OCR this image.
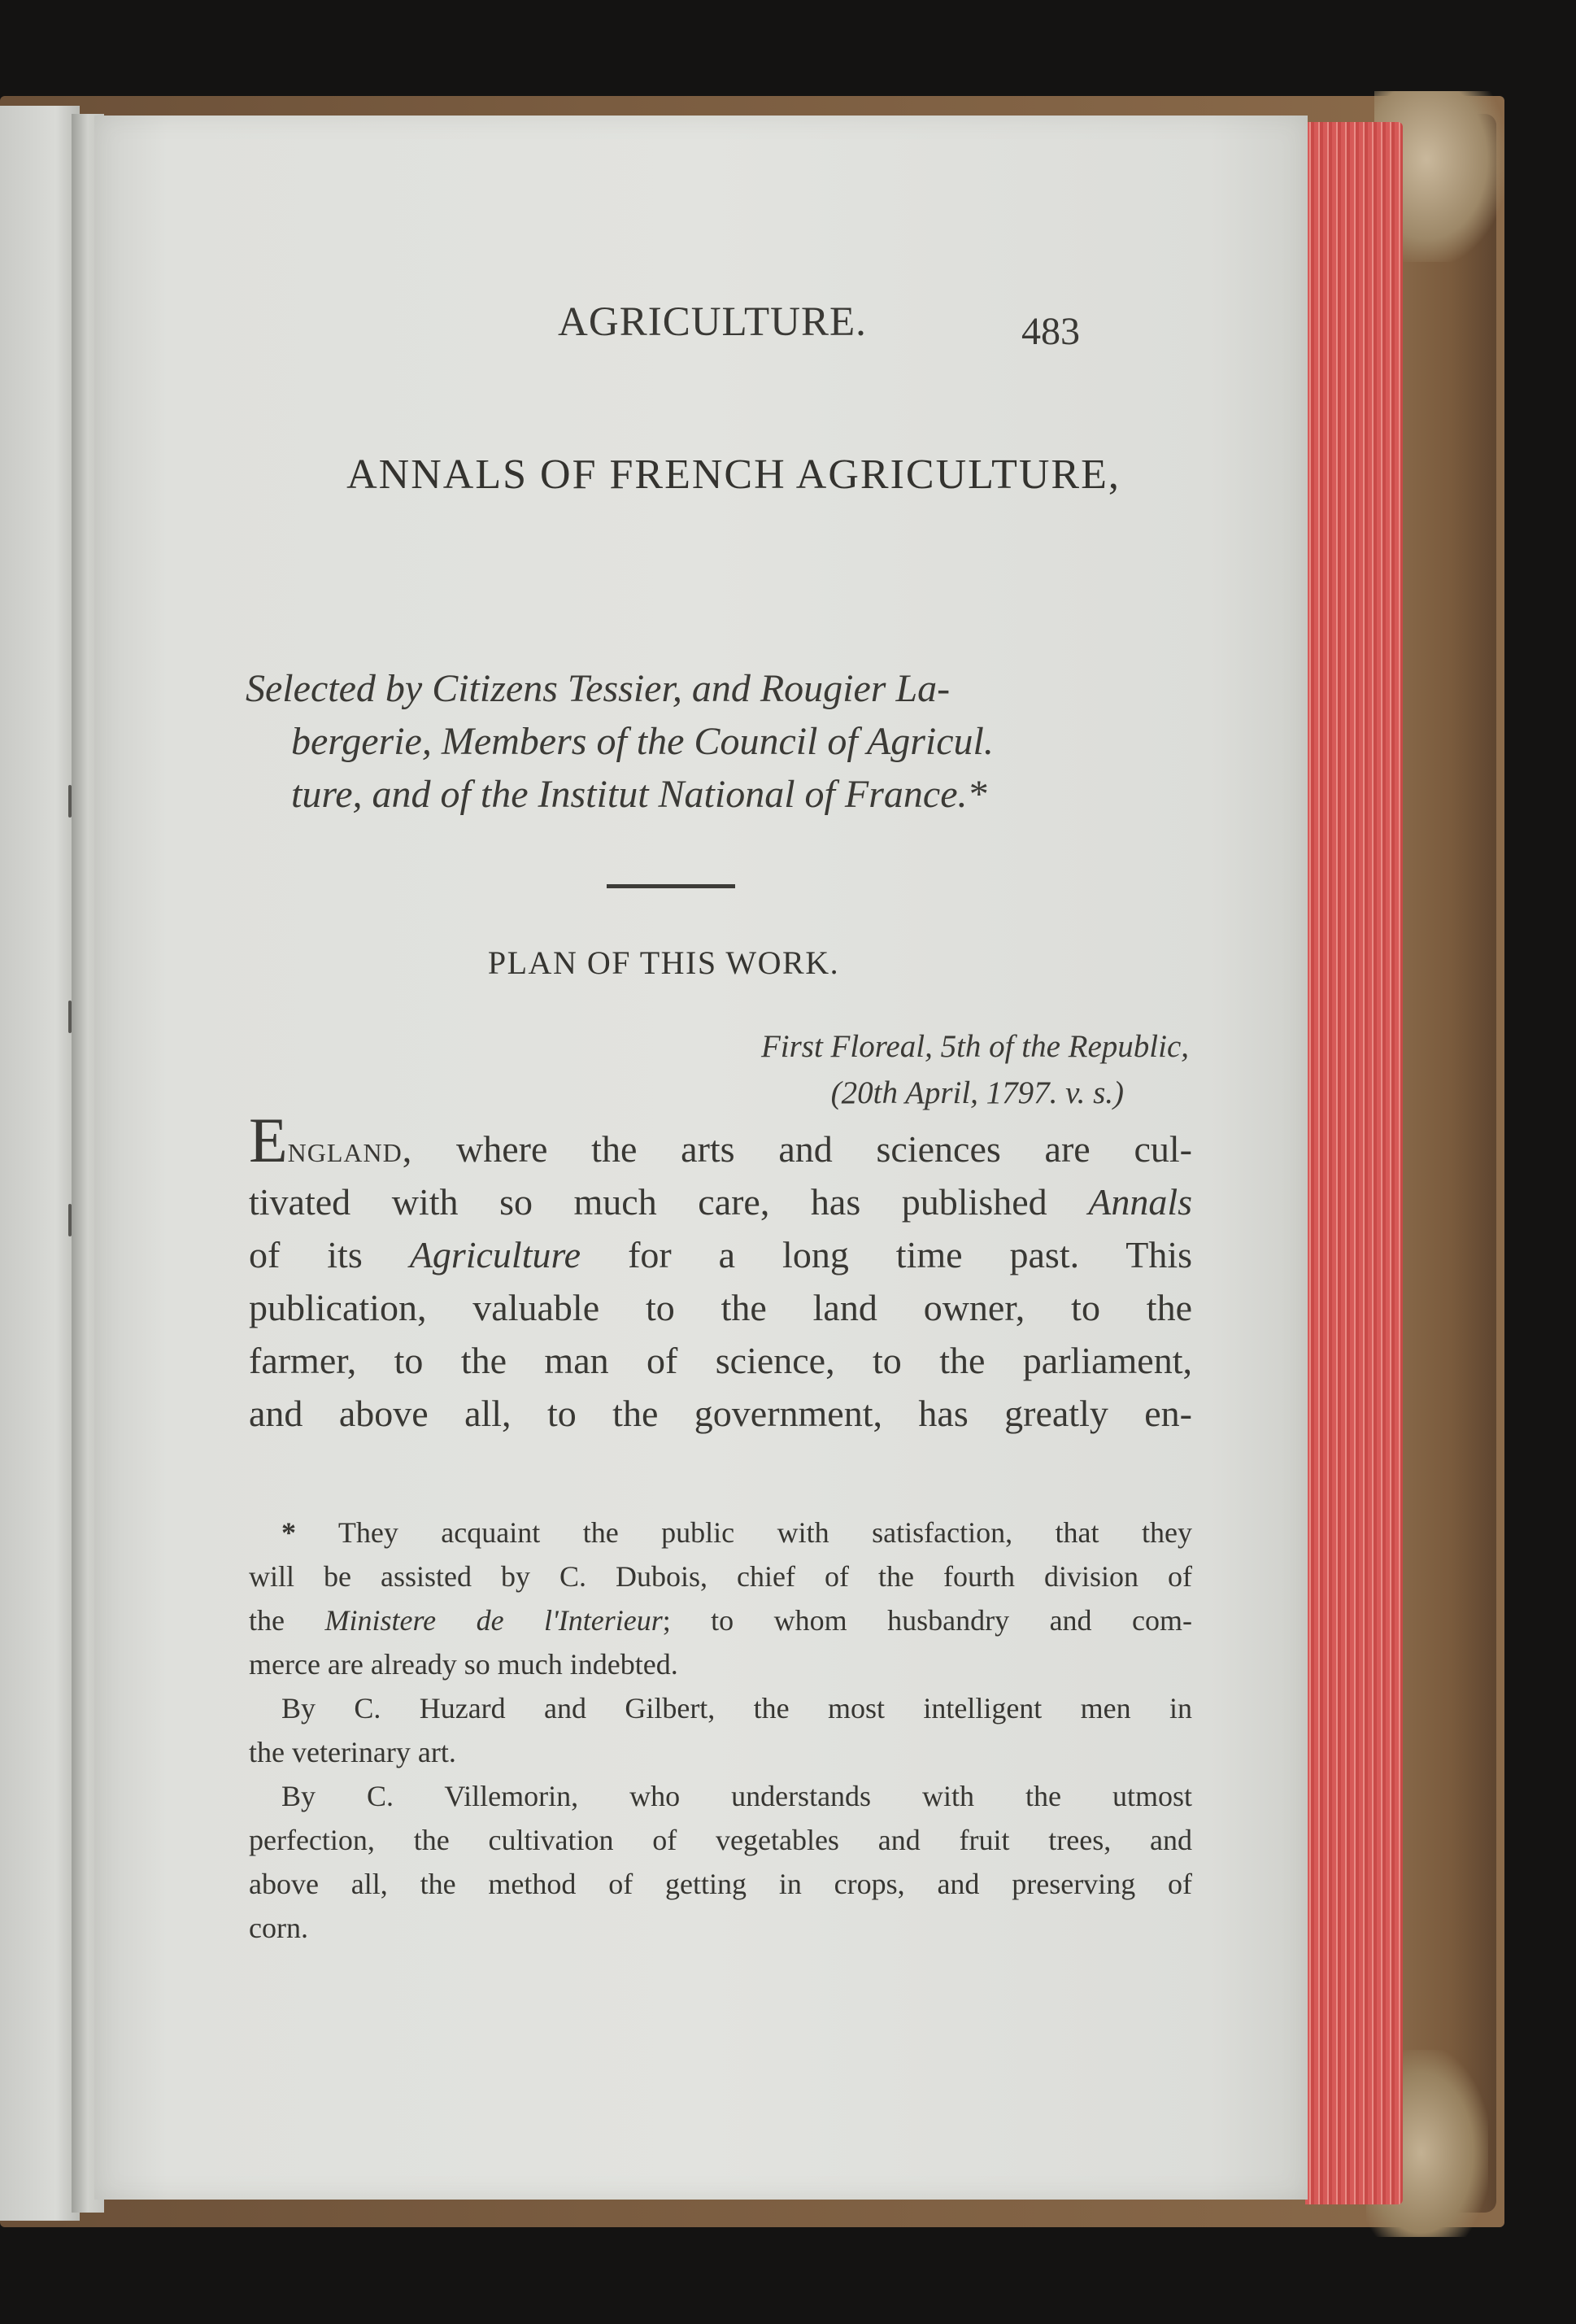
AGRICULTURE.	483
ANNALS OF FRENCH AGRICULTURE,
Selected by Citizens Tessier, and Rougier La-
bergerie, Members of the Council of Agricul.
ture, and of the Institut National of France.*
PLAN OF THIS WORK.
First Floreal, 5th of the Republic,
(20th April, 1797. v. s.)
England, where the arts and sciences are cul-
tivated with so much care, has published Annals
of its Agriculture for a long time past. This
publication, valuable to the land owner, to the
farmer, to the man of science, to the parliament,
and above all, to the government, has greatly en-
* They acquaint the public with satisfaction, that they
will be assisted by C. Dubois, chief of the fourth division of
the Ministere de l'Interieur; to whom husbandry and com-
merce are already so much indebted.
By C. Huzard and Gilbert, the most intelligent men in
the veterinary art.
By C. Villemorin, who understands with the utmost
perfection, the cultivation of vegetables and fruit trees, and
above all, the method of getting in crops, and preserving of
corn.
